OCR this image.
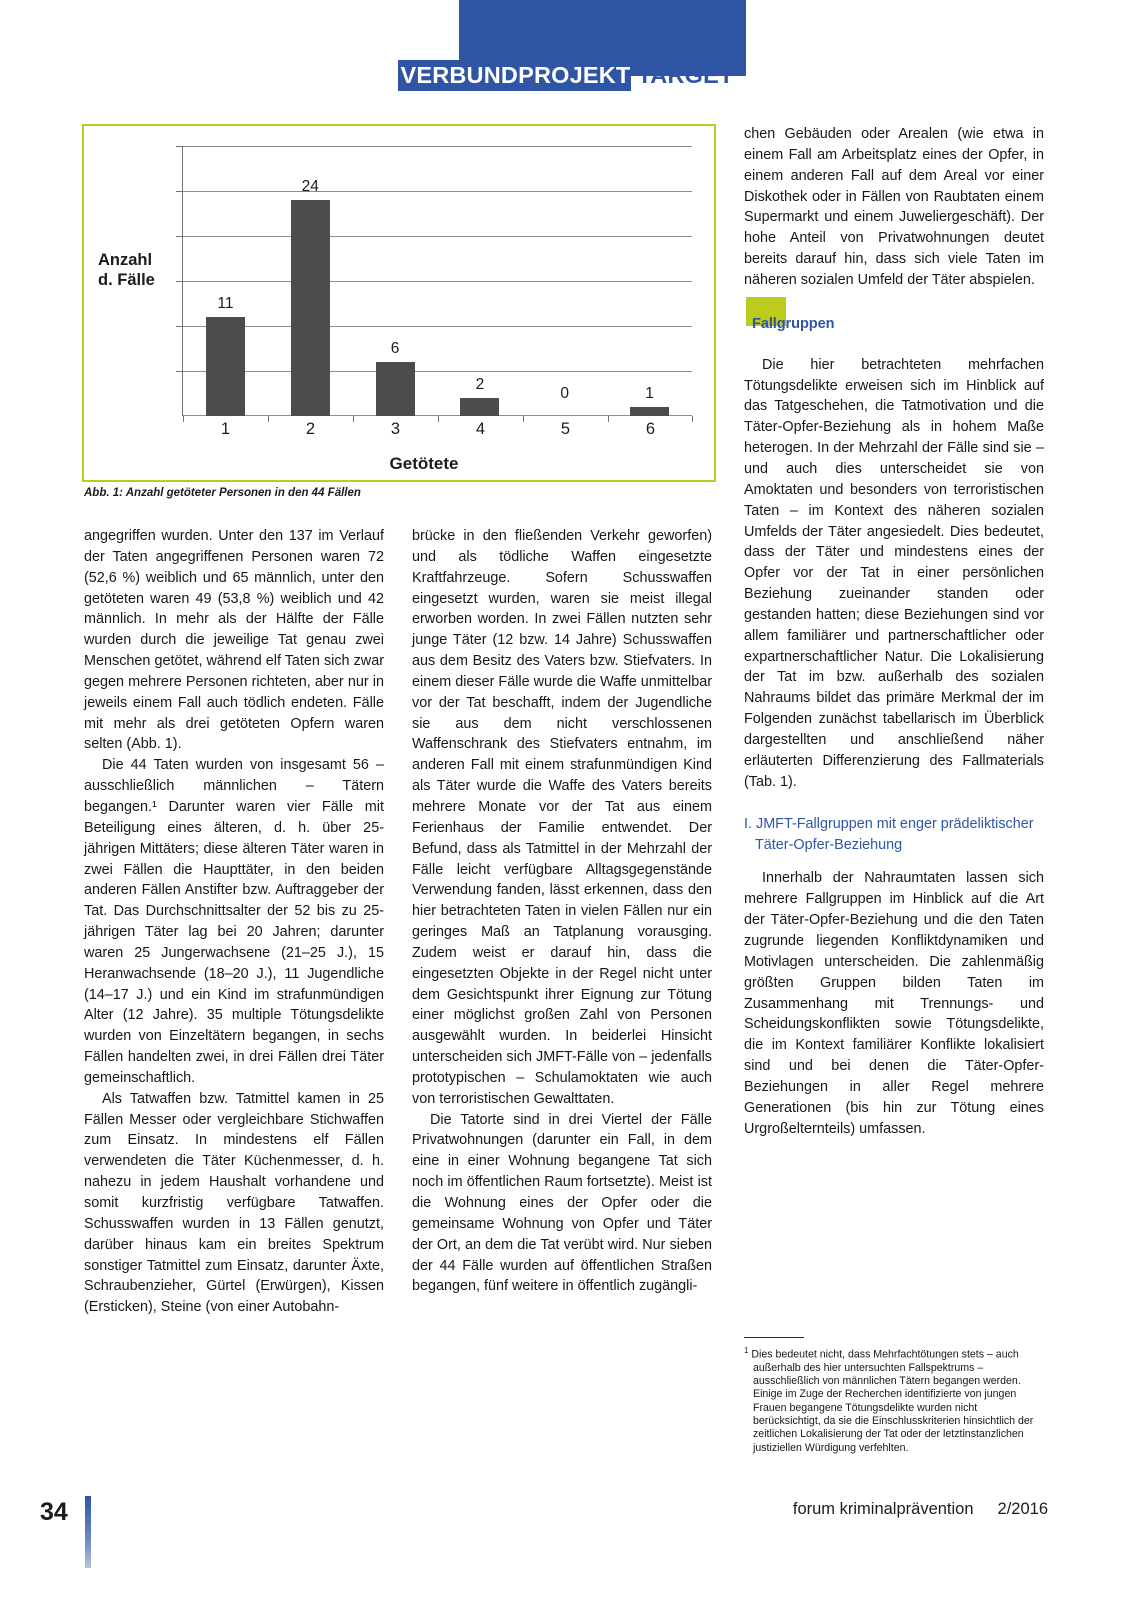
VERBUNDPROJEKT TARGET
Anzahl
d. Fälle
11
24
6
2
0	1
1	2	3	4	5	6
Getötete
Abb. 1: Anzahl getöteter Personen in den 44 Fällen

angegriffen wurden. Unter den 137 im Verlauf der Taten angegriffenen Personen waren 72 (52,6 %) weiblich und 65 männlich, unter den getöteten waren 49 (53,8 %) weiblich und 42 männlich. In mehr als der Hälfte der Fälle wurden durch die jeweilige Tat genau zwei Menschen getötet, während elf Taten sich zwar gegen mehrere Personen richteten, aber nur in jeweils einem Fall auch tödlich endeten. Fälle mit mehr als drei getöteten Opfern waren selten (Abb. 1).

Die 44 Taten wurden von insgesamt 56 – ausschließlich männlichen – Tätern begangen.¹ Darunter waren vier Fälle mit Beteiligung eines älteren, d. h. über 25-jährigen Mittäters; diese älteren Täter waren in zwei Fällen die Haupttäter, in den beiden anderen Fällen Anstifter bzw. Auftraggeber der Tat. Das Durchschnittsalter der 52 bis zu 25-jährigen Täter lag bei 20 Jahren; darunter waren 25 Jungerwachsene (21–25 J.), 15 Heranwachsende (18–20 J.), 11 Jugendliche (14–17 J.) und ein Kind im strafunmündigen Alter (12 Jahre). 35 multiple Tötungsdelikte wurden von Einzeltätern begangen, in sechs Fällen handelten zwei, in drei Fällen drei Täter gemeinschaftlich.

Als Tatwaffen bzw. Tatmittel kamen in 25 Fällen Messer oder vergleichbare Stichwaffen zum Einsatz. In mindestens elf Fällen verwendeten die Täter Küchenmesser, d. h. nahezu in jedem Haushalt vorhandene und somit kurzfristig verfügbare Tatwaffen. Schusswaffen wurden in 13 Fällen genutzt, darüber hinaus kam ein breites Spektrum sonstiger Tatmittel zum Einsatz, darunter Äxte, Schraubenzieher, Gürtel (Erwürgen), Kissen (Ersticken), Steine (von einer Autobahn-

brücke in den fließenden Verkehr geworfen) und als tödliche Waffen eingesetzte Kraftfahrzeuge. Sofern Schusswaffen eingesetzt wurden, waren sie meist illegal erworben worden. In zwei Fällen nutzten sehr junge Täter (12 bzw. 14 Jahre) Schusswaffen aus dem Besitz des Vaters bzw. Stiefvaters. In einem dieser Fälle wurde die Waffe unmittelbar vor der Tat beschafft, indem der Jugendliche sie aus dem nicht verschlossenen Waffenschrank des Stiefvaters entnahm, im anderen Fall mit einem strafunmündigen Kind als Täter wurde die Waffe des Vaters bereits mehrere Monate vor der Tat aus einem Ferienhaus der Familie entwendet. Der Befund, dass als Tatmittel in der Mehrzahl der Fälle leicht verfügbare Alltagsgegenstände Verwendung fanden, lässt erkennen, dass den hier betrachteten Taten in vielen Fällen nur ein geringes Maß an Tatplanung vorausging. Zudem weist er darauf hin, dass die eingesetzten Objekte in der Regel nicht unter dem Gesichtspunkt ihrer Eignung zur Tötung einer möglichst großen Zahl von Personen ausgewählt wurden. In beiderlei Hinsicht unterscheiden sich JMFT-Fälle von – jedenfalls prototypischen – Schulamoktaten wie auch von terroristischen Gewalttaten.

Die Tatorte sind in drei Viertel der Fälle Privatwohnungen (darunter ein Fall, in dem eine in einer Wohnung begangene Tat sich noch im öffentlichen Raum fortsetzte). Meist ist die Wohnung eines der Opfer oder die gemeinsame Wohnung von Opfer und Täter der Ort, an dem die Tat verübt wird. Nur sieben der 44 Fälle wurden auf öffentlichen Straßen begangen, fünf weitere in öffentlich zugängli-

chen Gebäuden oder Arealen (wie etwa in einem Fall am Arbeitsplatz eines der Opfer, in einem anderen Fall auf dem Areal vor einer Diskothek oder in Fällen von Raubtaten einem Supermarkt und einem Juweliergeschäft). Der hohe Anteil von Privatwohnungen deutet bereits darauf hin, dass sich viele Taten im näheren sozialen Umfeld der Täter abspielen.

Fallgruppen

Die hier betrachteten mehrfachen Tötungsdelikte erweisen sich im Hinblick auf das Tatgeschehen, die Tatmotivation und die Täter-Opfer-Beziehung als in hohem Maße heterogen. In der Mehrzahl der Fälle sind sie – und auch dies unterscheidet sie von Amoktaten und besonders von terroristischen Taten – im Kontext des näheren sozialen Umfelds der Täter angesiedelt. Dies bedeutet, dass der Täter und mindestens eines der Opfer vor der Tat in einer persönlichen Beziehung zueinander standen oder gestanden hatten; diese Beziehungen sind vor allem familiärer und partnerschaftlicher oder expartnerschaftlicher Natur. Die Lokalisierung der Tat im bzw. außerhalb des sozialen Nahraums bildet das primäre Merkmal der im Folgenden zunächst tabellarisch im Überblick dargestellten und anschließend näher erläuterten Differenzierung des Fallmaterials (Tab. 1).

I. JMFT-Fallgruppen mit enger prädeliktischer Täter-Opfer-Beziehung

Innerhalb der Nahraumtaten lassen sich mehrere Fallgruppen im Hinblick auf die Art der Täter-Opfer-Beziehung und die den Taten zugrunde liegenden Konfliktdynamiken und Motivlagen unterscheiden. Die zahlenmäßig größten Gruppen bilden Taten im Zusammenhang mit Trennungs- und Scheidungskonflikten sowie Tötungsdelikte, die im Kontext familiärer Konflikte lokalisiert sind und bei denen die Täter-Opfer-Beziehungen in aller Regel mehrere Generationen (bis hin zur Tötung eines Urgroßelternteils) umfassen.

$^1$ Dies bedeutet nicht, dass Mehrfachtötungen stets – auch außerhalb des hier untersuchten Fallspektrums – ausschließlich von männlichen Tätern begangen werden. Einige im Zuge der Recherchen identifizierte von jungen Frauen begangene Tötungsdelikte wurden nicht berücksichtigt, da sie die Einschlusskriterien hinsichtlich der zeitlichen Lokalisierung der Tat oder der letztinstanzlichen justiziellen Würdigung verfehlten.

34	forum kriminalprävention 2/2016
